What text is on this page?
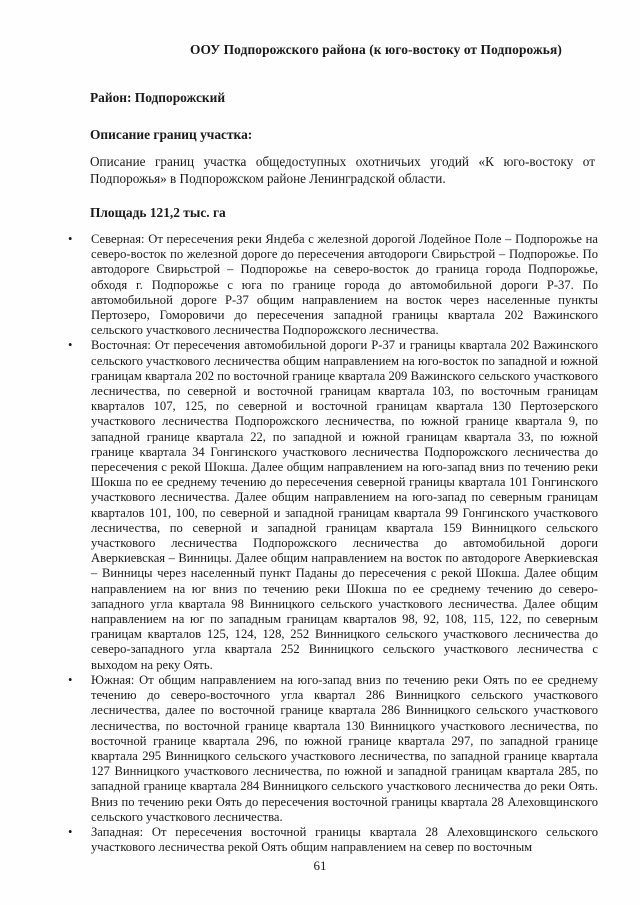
ООУ Подпорожского района (к юго-востоку от Подпорожья)
Район: Подпорожский
Описание границ участка:
Описание границ участка общедоступных охотничьих угодий «К юго-востоку от Подпорожья» в Подпорожском районе Ленинградской области.
Площадь 121,2 тыс. га
• Северная: От пересечения реки Яндеба с железной дорогой Лодейное Поле – Подпорожье на северо-восток по железной дороге до пересечения автодороги Свирьстрой – Подпорожье. По автодороге Свирьстрой – Подпорожье на северо-восток до граница города Подпорожье, обходя г. Подпорожье с юга по границе города до автомобильной дороги Р-37. По автомобильной дороге Р-37 общим направлением на восток через населенные пункты Пертозеро, Гоморовичи до пересечения западной границы квартала 202 Важинского сельского участкового лесничества Подпорожского лесничества.
• Восточная: От пересечения автомобильной дороги Р-37 и границы квартала 202 Важинского сельского участкового лесничества общим направлением на юго-восток по западной и южной границам квартала 202 по восточной границе квартала 209 Важинского сельского участкового лесничества, по северной и восточной границам квартала 103, по восточным границам кварталов 107, 125, по северной и восточной границам квартала 130 Пертозерского участкового лесничества Подпорожского лесничества, по южной границе квартала 9, по западной границе квартала 22, по западной и южной границам квартала 33, по южной границе квартала 34 Гонгинского участкового лесничества Подпорожского лесничества до пересечения с рекой Шокша. Далее общим направлением на юго-запад вниз по течению реки Шокша по ее среднему течению до пересечения северной границы квартала 101 Гонгинского участкового лесничества. Далее общим направлением на юго-запад по северным границам кварталов 101, 100, по северной и западной границам квартала 99 Гонгинского участкового лесничества, по северной и западной границам квартала 159 Винницкого сельского участкового лесничества Подпорожского лесничества до автомобильной дороги Аверкиевская – Винницы. Далее общим направлением на восток по автодороге Аверкиевская – Винницы через населенный пункт Паданы до пересечения с рекой Шокша. Далее общим направлением на юг вниз по течению реки Шокша по ее среднему течению до северо-западного угла квартала 98 Винницкого сельского участкового лесничества. Далее общим направлением на юг по западным границам кварталов 98, 92, 108, 115, 122, по северным границам кварталов 125, 124, 128, 252 Винницкого сельского участкового лесничества до северо-западного угла квартала 252 Винницкого сельского участкового лесничества с выходом на реку Оять.
• Южная: От общим направлением на юго-запад вниз по течению реки Оять по ее среднему течению до северо-восточного угла квартал 286 Винницкого сельского участкового лесничества, далее по восточной границе квартала 286 Винницкого сельского участкового лесничества, по восточной границе квартала 130 Винницкого участкового лесничества, по восточной границе квартала 296, по южной границе квартала 297, по западной границе квартала 295 Винницкого сельского участкового лесничества, по западной границе квартала 127 Винницкого участкового лесничества, по южной и западной границам квартала 285, по западной границе квартала 284 Винницкого сельского участкового лесничества до реки Оять. Вниз по течению реки Оять до пересечения восточной границы квартала 28 Алеховщинского сельского участкового лесничества.
• Западная: От пересечения восточной границы квартала 28 Алеховщинского сельского участкового лесничества рекой Оять общим направлением на север по восточным
61
